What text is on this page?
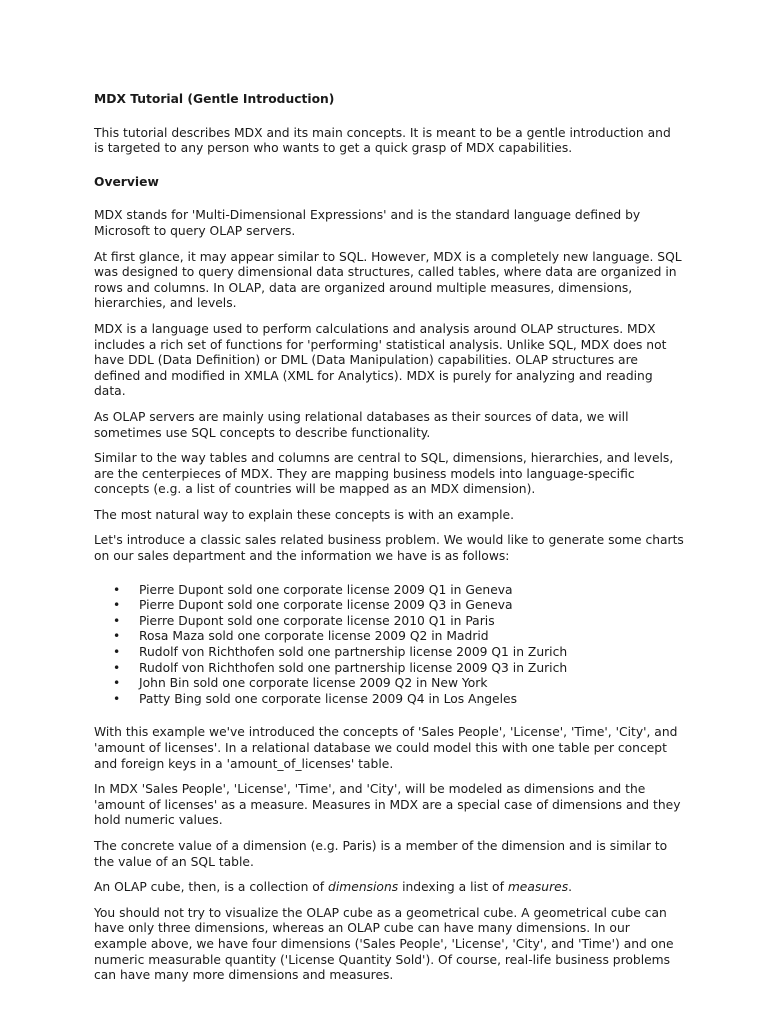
MDX Tutorial (Gentle Introduction)

This tutorial describes MDX and its main concepts. It is meant to be a gentle introduction and is targeted to any person who wants to get a quick grasp of MDX capabilities.

Overview

MDX stands for 'Multi-Dimensional Expressions' and is the standard language defined by Microsoft to query OLAP servers.

At first glance, it may appear similar to SQL. However, MDX is a completely new language. SQL was designed to query dimensional data structures, called tables, where data are organized in rows and columns. In OLAP, data are organized around multiple measures, dimensions, hierarchies, and levels.

MDX is a language used to perform calculations and analysis around OLAP structures. MDX includes a rich set of functions for 'performing' statistical analysis. Unlike SQL, MDX does not have DDL (Data Definition) or DML (Data Manipulation) capabilities. OLAP structures are defined and modified in XMLA (XML for Analytics). MDX is purely for analyzing and reading data.

As OLAP servers are mainly using relational databases as their sources of data, we will sometimes use SQL concepts to describe functionality.

Similar to the way tables and columns are central to SQL, dimensions, hierarchies, and levels, are the centerpieces of MDX. They are mapping business models into language-specific concepts (e.g. a list of countries will be mapped as an MDX dimension).

The most natural way to explain these concepts is with an example.

Let's introduce a classic sales related business problem. We would like to generate some charts on our sales department and the information we have is as follows:

• Pierre Dupont sold one corporate license 2009 Q1 in Geneva
• Pierre Dupont sold one corporate license 2009 Q3 in Geneva
• Pierre Dupont sold one corporate license 2010 Q1 in Paris
• Rosa Maza sold one corporate license 2009 Q2 in Madrid
• Rudolf von Richthofen sold one partnership license 2009 Q1 in Zurich
• Rudolf von Richthofen sold one partnership license 2009 Q3 in Zurich
• John Bin sold one corporate license 2009 Q2 in New York
• Patty Bing sold one corporate license 2009 Q4 in Los Angeles

With this example we've introduced the concepts of 'Sales People', 'License', 'Time', 'City', and 'amount of licenses'. In a relational database we could model this with one table per concept and foreign keys in a 'amount_of_licenses' table.

In MDX 'Sales People', 'License', 'Time', and 'City', will be modeled as dimensions and the 'amount of licenses' as a measure. Measures in MDX are a special case of dimensions and they hold numeric values.

The concrete value of a dimension (e.g. Paris) is a member of the dimension and is similar to the value of an SQL table.

An OLAP cube, then, is a collection of dimensions indexing a list of measures.

You should not try to visualize the OLAP cube as a geometrical cube. A geometrical cube can have only three dimensions, whereas an OLAP cube can have many dimensions. In our example above, we have four dimensions ('Sales People', 'License', 'City', and 'Time') and one numeric measurable quantity ('License Quantity Sold'). Of course, real-life business problems can have many more dimensions and measures.
